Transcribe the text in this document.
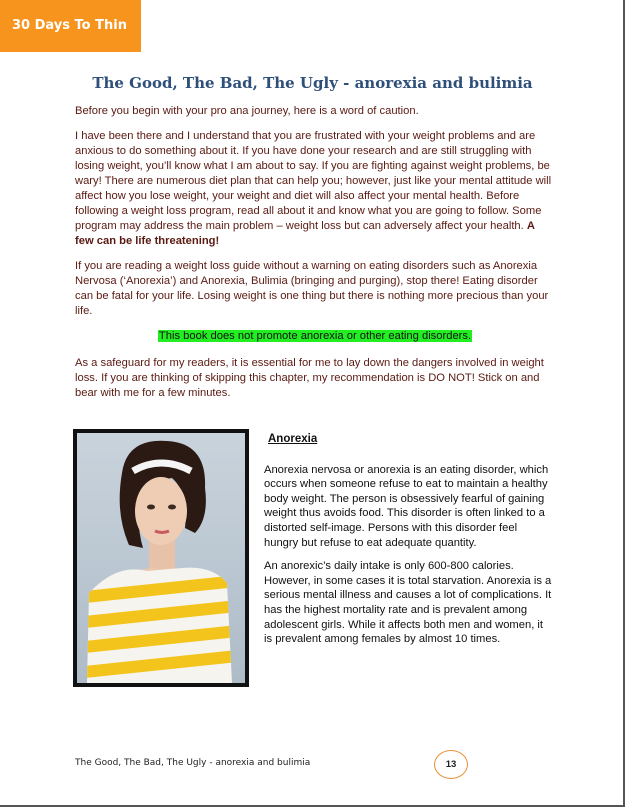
30 Days To Thin
The Good, The Bad, The Ugly - anorexia and bulimia

Before you begin with your pro ana journey, here is a word of caution.

I have been there and I understand that you are frustrated with your weight problems and are anxious to do something about it. If you have done your research and are still struggling with losing weight, you’ll know what I am about to say. If you are fighting against weight problems, be wary! There are numerous diet plan that can help you; however, just like your mental attitude will affect how you lose weight, your weight and diet will also affect your mental health. Before following a weight loss program, read all about it and know what you are going to follow. Some program may address the main problem – weight loss but can adversely affect your health. A few can be life threatening!

If you are reading a weight loss guide without a warning on eating disorders such as Anorexia Nervosa (‘Anorexia’) and Anorexia, Bulimia (bringing and purging), stop there! Eating disorder can be fatal for your life. Losing weight is one thing but there is nothing more precious than your life.

This book does not promote anorexia or other eating disorders.

As a safeguard for my readers, it is essential for me to lay down the dangers involved in weight loss. If you are thinking of skipping this chapter, my recommendation is DO NOT! Stick on and bear with me for a few minutes.

Anorexia

Anorexia nervosa or anorexia is an eating disorder, which occurs when someone refuse to eat to maintain a healthy body weight. The person is obsessively fearful of gaining weight thus avoids food. This disorder is often linked to a distorted self-image. Persons with this disorder feel hungry but refuse to eat adequate quantity.

An anorexic’s daily intake is only 600-800 calories. However, in some cases it is total starvation. Anorexia is a serious mental illness and causes a lot of complications. It has the highest mortality rate and is prevalent among adolescent girls. While it affects both men and women, it is prevalent among females by almost 10 times.

The Good, The Bad, The Ugly - anorexia and bulimia	13
